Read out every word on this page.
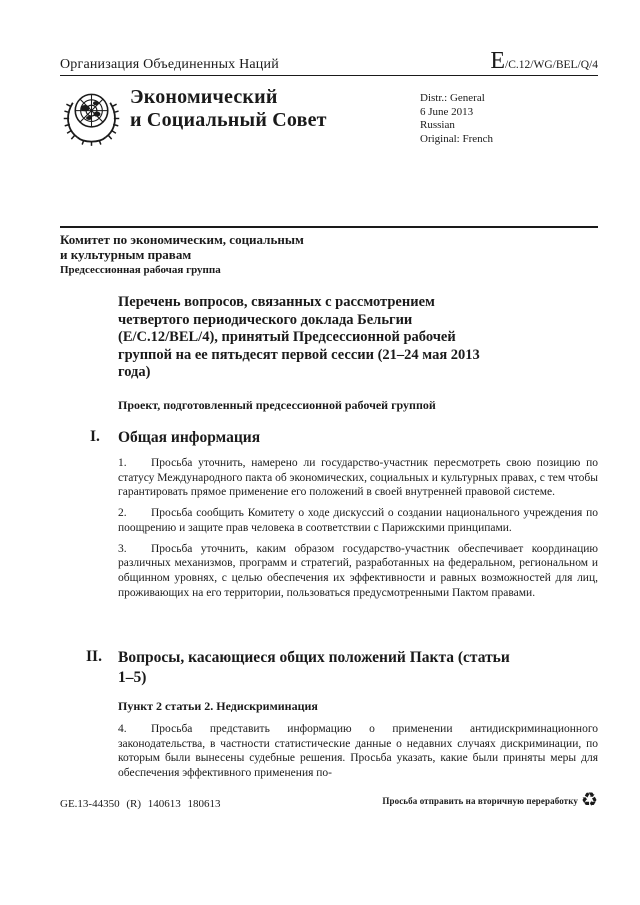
Организация Объединенных Наций	E/C.12/WG/BEL/Q/4
Экономический
и Социальный Совет
Distr.: General
6 June 2013
Russian
Original: French
Комитет по экономическим, социальным
и культурным правам
Предсессионная рабочая группа
Перечень вопросов, связанных с рассмотрением четвертого периодического доклада Бельгии (E/C.12/BEL/4), принятый Предсессионной рабочей группой на ее пятьдесят первой сессии (21–24 мая 2013 года)
Проект, подготовленный предсессионной рабочей группой
I. Общая информация

1. Просьба уточнить, намерено ли государство-участник пересмотреть свою позицию по статусу Международного пакта об экономических, социальных и культурных правах, с тем чтобы гарантировать прямое применение его положений в своей внутренней правовой системе.

2. Просьба сообщить Комитету о ходе дискуссий о создании национального учреждения по поощрению и защите прав человека в соответствии с Парижскими принципами.

3. Просьба уточнить, каким образом государство-участник обеспечивает координацию различных механизмов, программ и стратегий, разработанных на федеральном, региональном и общинном уровнях, с целью обеспечения их эффективности и равных возможностей для лиц, проживающих на его территории, пользоваться предусмотренными Пактом правами.

II. Вопросы, касающиеся общих положений Пакта (статьи 1–5)
Пункт 2 статьи 2. Недискриминация

4. Просьба представить информацию о применении антидискриминационного законодательства, в частности статистические данные о недавних случаях дискриминации, по которым были вынесены судебные решения. Просьба указать, какие были приняты меры для обеспечения эффективного применения по-

GE.13-44350 (R) 140613 180613	Просьба отправить на вторичную переработку ♻
